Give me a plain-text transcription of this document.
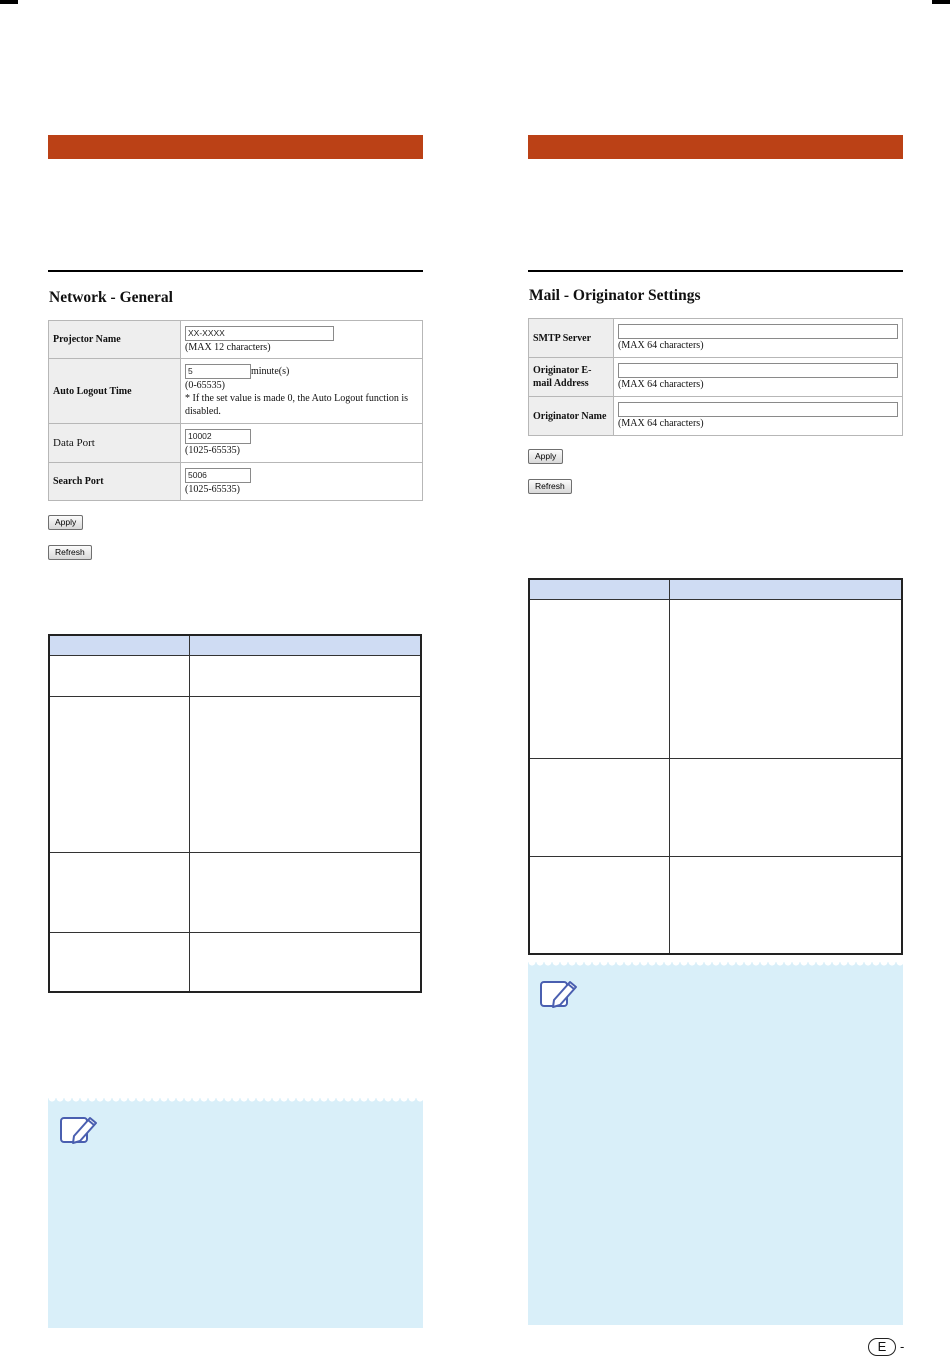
Network - General
Projector Name	XX-XXXX
(MAX 12 characters)
Auto Logout Time	5 minute(s)
(0-65535)
* If the set value is made 0, the Auto Logout function is disabled.
Data Port	10002
(1025-65535)
Search Port	5006
(1025-65535)
Apply
Refresh
Mail - Originator Settings
SMTP Server	(MAX 64 characters)
Originator E-mail Address	(MAX 64 characters)
Originator Name	(MAX 64 characters)
Apply
Refresh
E	-
